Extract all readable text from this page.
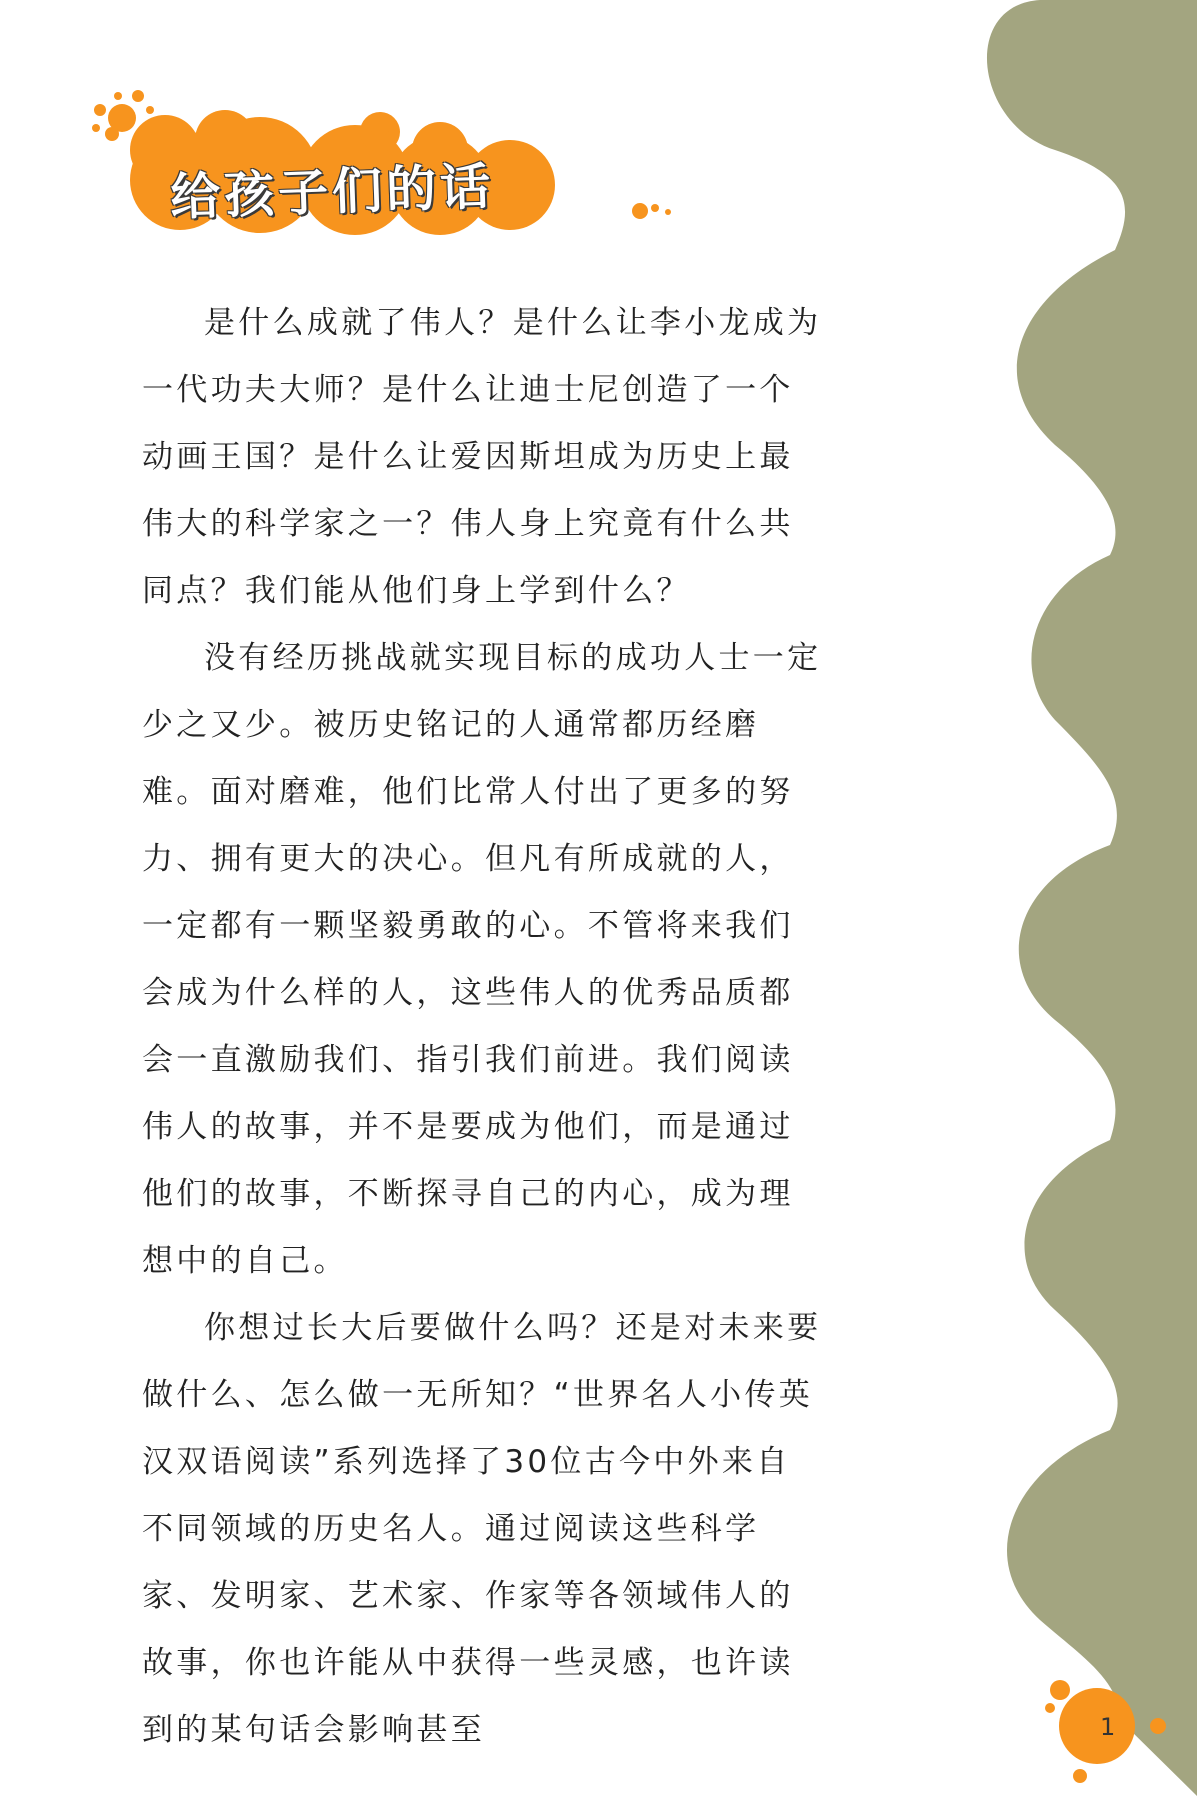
给孩子们的话

是什么成就了伟人？是什么让李小龙成为一代功夫大师？是什么让迪士尼创造了一个动画王国？是什么让爱因斯坦成为历史上最伟大的科学家之一？伟人身上究竟有什么共同点？我们能从他们身上学到什么？

没有经历挑战就实现目标的成功人士一定少之又少。被历史铭记的人通常都历经磨难。面对磨难，他们比常人付出了更多的努力、拥有更大的决心。但凡有所成就的人，一定都有一颗坚毅勇敢的心。不管将来我们会成为什么样的人，这些伟人的优秀品质都会一直激励我们、指引我们前进。我们阅读伟人的故事，并不是要成为他们，而是通过他们的故事，不断探寻自己的内心，成为理想中的自己。

你想过长大后要做什么吗？还是对未来要做什么、怎么做一无所知？“世界名人小传英汉双语阅读”系列选择了30位古今中外来自不同领域的历史名人。通过阅读这些科学家、发明家、艺术家、作家等各领域伟人的故事，你也许能从中获得一些灵感，也许读到的某句话会影响甚至	1
